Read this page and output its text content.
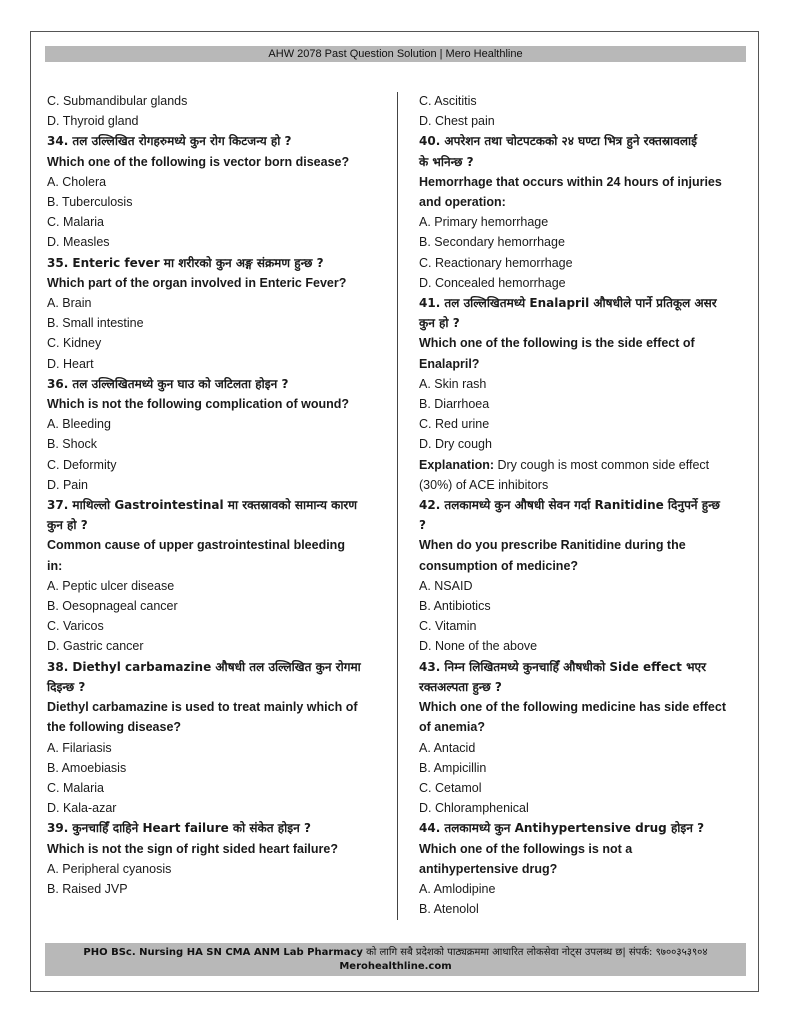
AHW 2078 Past Question Solution | Mero Healthline
C. Submandibular glands
D. Thyroid gland
34. तल उल्लिखित रोगहरुमध्ये कुन रोग किटजन्य हो ?
Which one of the following is vector born disease?
A. Cholera
B. Tuberculosis
C. Malaria
D. Measles
35. Enteric fever मा शरीरको कुन अङ्ग संक्रमण हुन्छ ?
Which part of the organ involved in Enteric Fever?
A. Brain
B. Small intestine
C. Kidney
D. Heart
36. तल उल्लिखितमध्ये कुन घाउ को जटिलता होइन ?
Which is not the following complication of wound?
A. Bleeding
B. Shock
C. Deformity
D. Pain
37. माथिल्लो Gastrointestinal मा रक्तस्रावको सामान्य कारण
कुन हो ?
Common cause of upper gastrointestinal bleeding
in:
A. Peptic ulcer disease
B. Oesopnageal cancer
C. Varicos
D. Gastric cancer
38. Diethyl carbamazine औषधी तल उल्लिखित कुन रोगमा
दिइन्छ ?
Diethyl carbamazine is used to treat mainly which of
the following disease?
A. Filariasis
B. Amoebiasis
C. Malaria
D. Kala-azar
39. कुनचाहिँ दाहिने Heart failure को संकेत होइन ?
Which is not the sign of right sided heart failure?
A. Peripheral cyanosis
B. Raised JVP
C. Ascititis
D. Chest pain
40. अपरेशन तथा चोटपटकको २४ घण्टा भित्र हुने रक्तस्रावलाई
के भनिन्छ ?
Hemorrhage that occurs within 24 hours of injuries
and operation:
A. Primary hemorrhage
B. Secondary hemorrhage
C. Reactionary hemorrhage
D. Concealed hemorrhage
41. तल उल्लिखितमध्ये Enalapril औषधीले पार्ने प्रतिकूल असर
कुन हो ?
Which one of the following is the side effect of
Enalapril?
A. Skin rash
B. Diarrhoea
C. Red urine
D. Dry cough
Explanation: Dry cough is most common side effect
(30%) of ACE inhibitors
42. तलकामध्ये कुन औषधी सेवन गर्दा Ranitidine दिनुपर्ने हुन्छ
?
When do you prescribe Ranitidine during the
consumption of medicine?
A. NSAID
B. Antibiotics
C. Vitamin
D. None of the above
43. निम्न लिखितमध्ये कुनचाहिँ औषधीको Side effect भएर
रक्तअल्पता हुन्छ ?
Which one of the following medicine has side effect
of anemia?
A. Antacid
B. Ampicillin
C. Cetamol
D. Chloramphenical
44. तलकामध्ये कुन Antihypertensive drug होइन ?
Which one of the followings is not a
antihypertensive drug?
A. Amlodipine
B. Atenolol
PHO BSc. Nursing HA SN CMA ANM Lab Pharmacy को लागि सबै प्रदेशको पाठ्यक्रममा आधारित लोकसेवा नोट्स उपलब्ध छ| संपर्क: ९७००३५३९०४
Merohealthline.com
